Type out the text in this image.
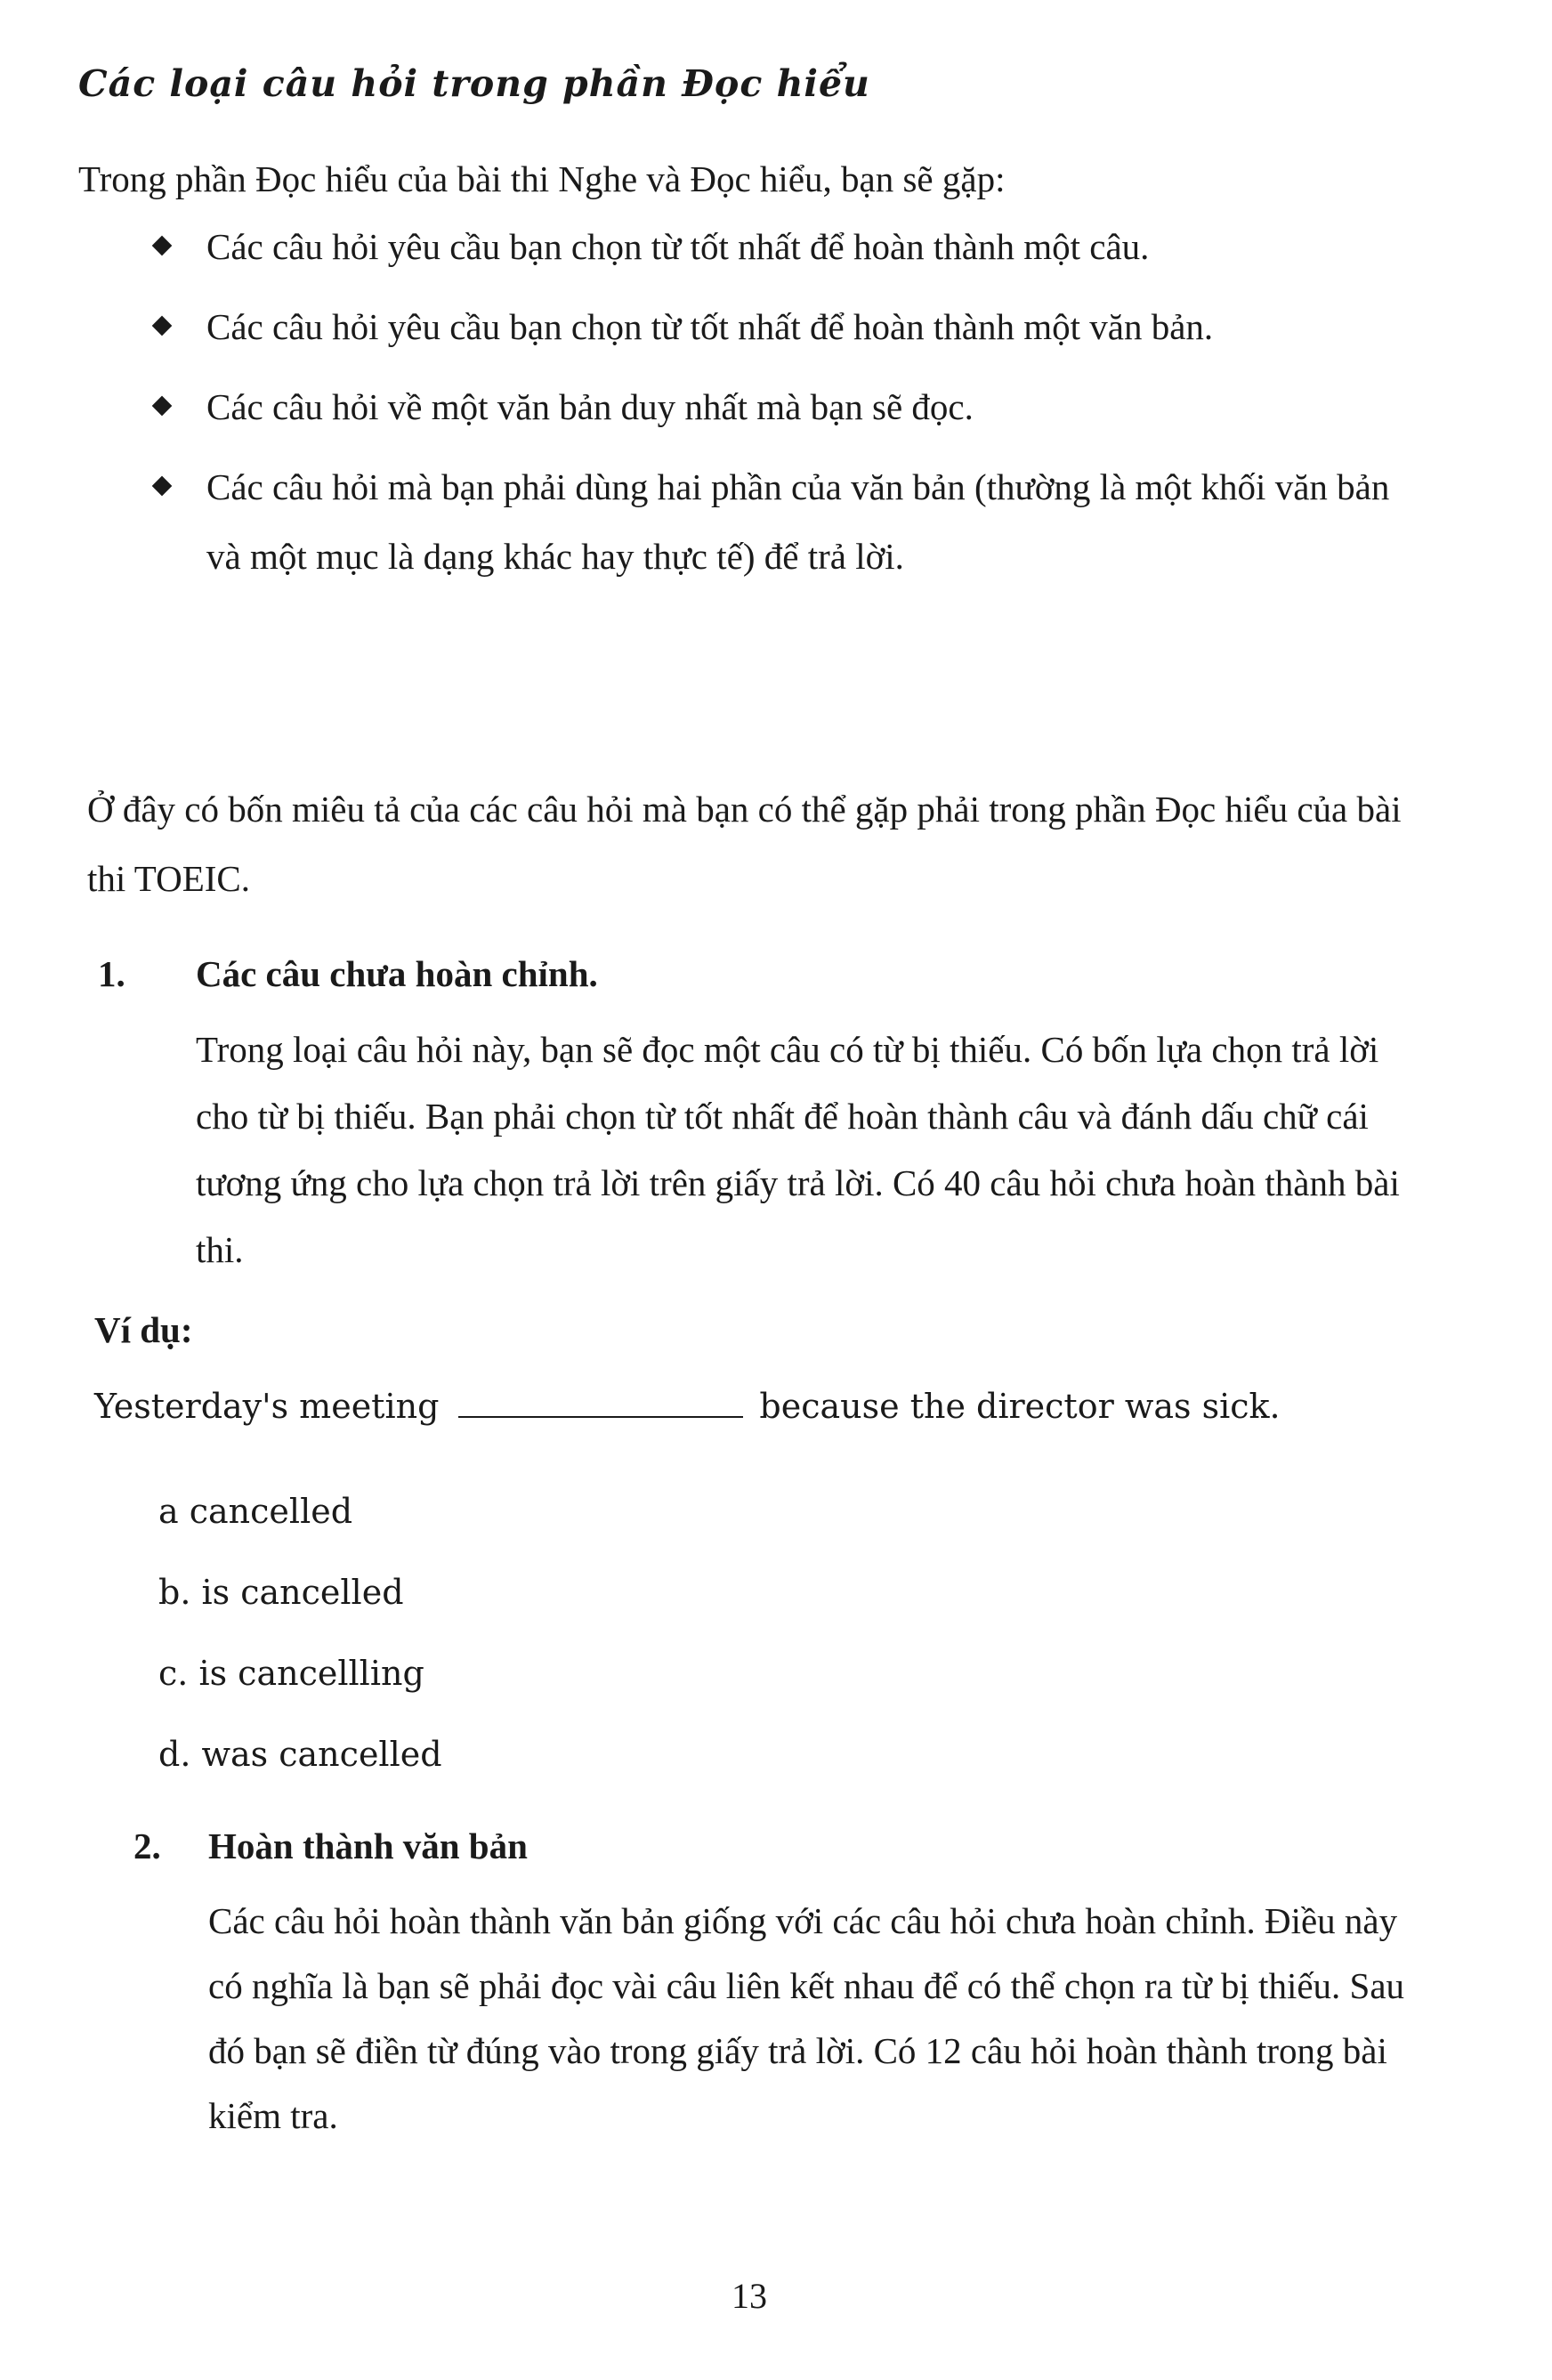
Các loại câu hỏi trong phần Đọc hiểu

Trong phần Đọc hiểu của bài thi Nghe và Đọc hiểu, bạn sẽ gặp:

Các câu hỏi yêu cầu bạn chọn từ tốt nhất để hoàn thành một câu.
Các câu hỏi yêu cầu bạn chọn từ tốt nhất để hoàn thành một văn bản.
Các câu hỏi về một văn bản duy nhất mà bạn sẽ đọc.
Các câu hỏi mà bạn phải dùng hai phần của văn bản (thường là một khối văn bản và một mục là dạng khác hay thực tế) để trả lời.

Ở đây có bốn miêu tả của các câu hỏi mà bạn có thể gặp phải trong phần Đọc hiểu của bài thi TOEIC.

1. Các câu chưa hoàn chỉnh.

Trong loại câu hỏi này, bạn sẽ đọc một câu có từ bị thiếu. Có bốn lựa chọn trả lời cho từ bị thiếu. Bạn phải chọn từ tốt nhất để hoàn thành câu và đánh dấu chữ cái tương ứng cho lựa chọn trả lời trên giấy trả lời. Có 40 câu hỏi chưa hoàn thành bài thi.

Ví dụ:
Yesterday's meeting	because the director was sick.
a cancelled
b. is cancelled
c. is cancellling
d. was cancelled
2. Hoàn thành văn bản

Các câu hỏi hoàn thành văn bản giống với các câu hỏi chưa hoàn chỉnh. Điều này có nghĩa là bạn sẽ phải đọc vài câu liên kết nhau để có thể chọn ra từ bị thiếu. Sau đó bạn sẽ điền từ đúng vào trong giấy trả lời. Có 12 câu hỏi hoàn thành trong bài kiểm tra.

13
